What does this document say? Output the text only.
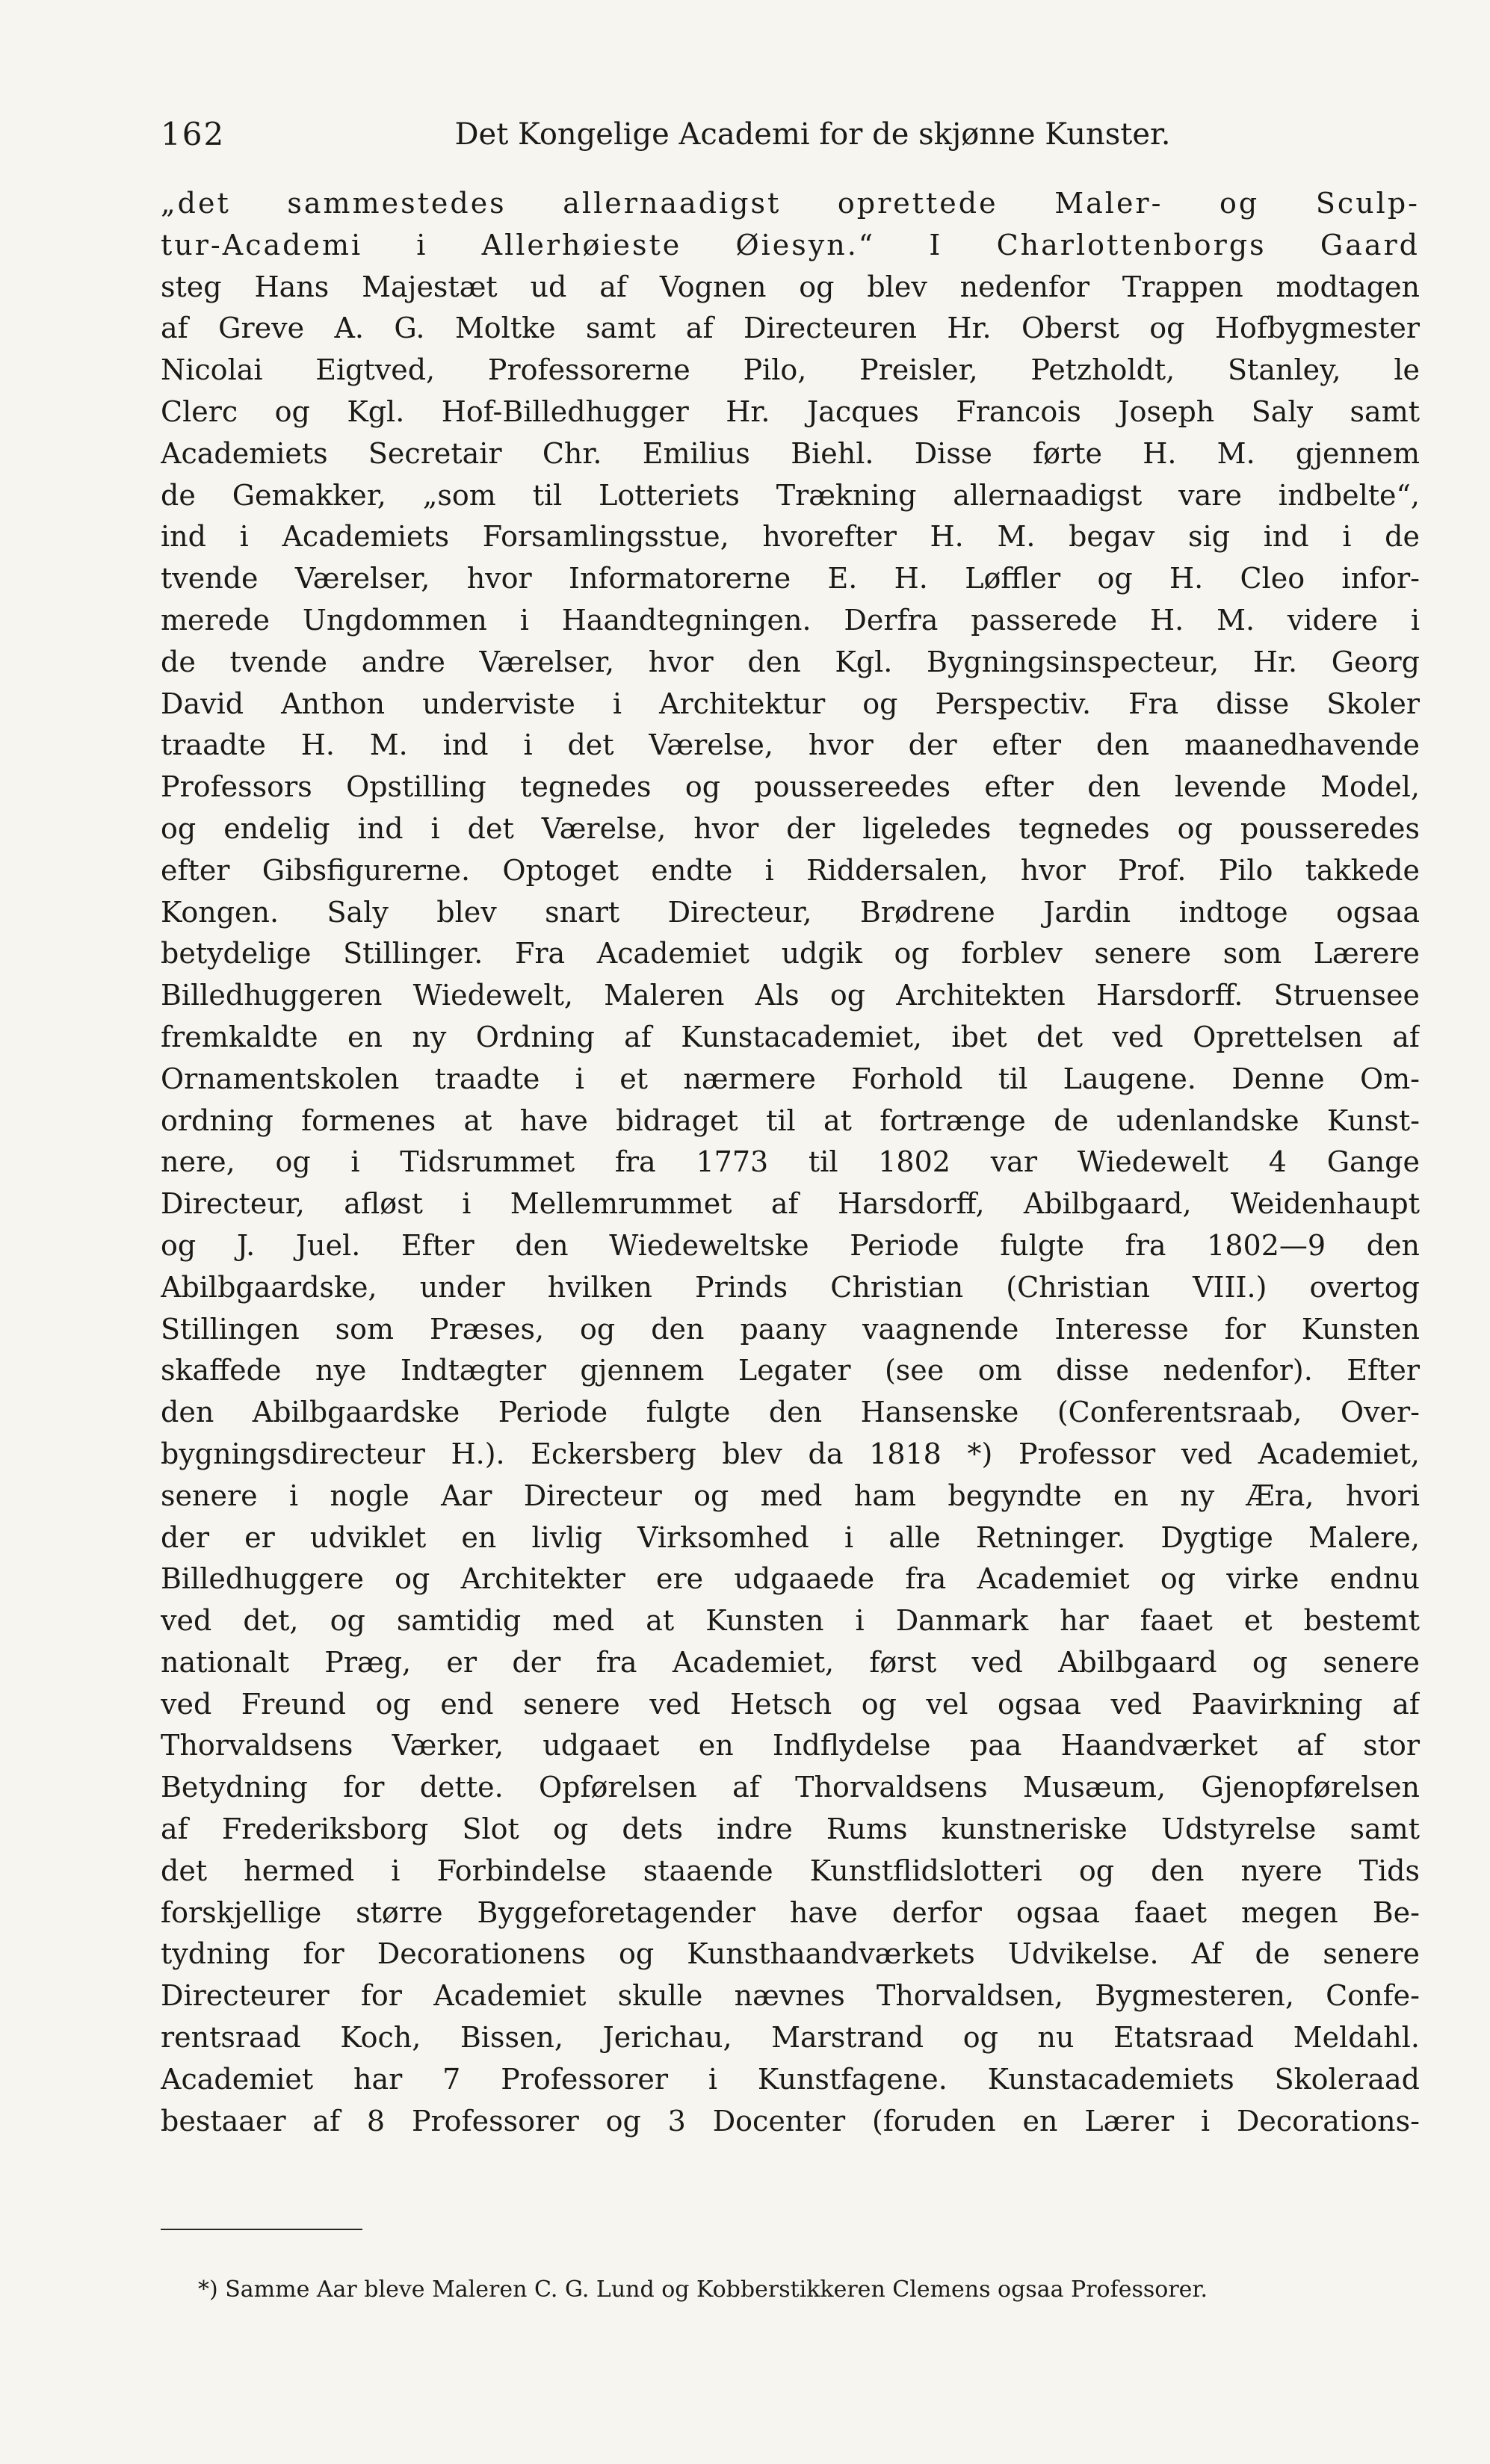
162	Det Kongelige Academi for de skjønne Kunster.
„det sammestedes allernaadigst oprettede Maler- og Sculp-
tur-Academi i Allerhøieste Øiesyn.“ I Charlottenborgs Gaard
steg Hans Majestæt ud af Vognen og blev nedenfor Trappen modtagen
af Greve A. G. Moltke samt af Directeuren Hr. Oberst og Hofbygmester
Nicolai Eigtved, Professorerne Pilo, Preisler, Petzholdt, Stanley, le
Clerc og Kgl. Hof-Billedhugger Hr. Jacques Francois Joseph Saly samt
Academiets Secretair Chr. Emilius Biehl. Disse førte H. M. gjennem
de Gemakker, „som til Lotteriets Trækning allernaadigst vare indbelte“,
ind i Academiets Forsamlingsstue, hvorefter H. M. begav sig ind i de
tvende Værelser, hvor Informatorerne E. H. Løffler og H. Cleo infor-
merede Ungdommen i Haandtegningen. Derfra passerede H. M. videre i
de tvende andre Værelser, hvor den Kgl. Bygningsinspecteur, Hr. Georg
David Anthon underviste i Architektur og Perspectiv. Fra disse Skoler
traadte H. M. ind i det Værelse, hvor der efter den maanedhavende
Professors Opstilling tegnedes og poussereedes efter den levende Model,
og endelig ind i det Værelse, hvor der ligeledes tegnedes og pousseredes
efter Gibsfigurerne. Optoget endte i Riddersalen, hvor Prof. Pilo takkede
Kongen. Saly blev snart Directeur, Brødrene Jardin indtoge ogsaa
betydelige Stillinger. Fra Academiet udgik og forblev senere som Lærere
Billedhuggeren Wiedewelt, Maleren Als og Architekten Harsdorff. Struensee
fremkaldte en ny Ordning af Kunstacademiet, ibet det ved Oprettelsen af
Ornamentskolen traadte i et nærmere Forhold til Laugene. Denne Om-
ordning formenes at have bidraget til at fortrænge de udenlandske Kunst-
nere, og i Tidsrummet fra 1773 til 1802 var Wiedewelt 4 Gange
Directeur, afløst i Mellemrummet af Harsdorff, Abilbgaard, Weidenhaupt
og J. Juel. Efter den Wiedeweltske Periode fulgte fra 1802—9 den
Abilbgaardske, under hvilken Prinds Christian (Christian VIII.) overtog
Stillingen som Præses, og den paany vaagnende Interesse for Kunsten
skaffede nye Indtægter gjennem Legater (see om disse nedenfor). Efter
den Abilbgaardske Periode fulgte den Hansenske (Conferentsraab, Over-
bygningsdirecteur H.). Eckersberg blev da 1818 *) Professor ved Academiet,
senere i nogle Aar Directeur og med ham begyndte en ny Æra, hvori
der er udviklet en livlig Virksomhed i alle Retninger. Dygtige Malere,
Billedhuggere og Architekter ere udgaaede fra Academiet og virke endnu
ved det, og samtidig med at Kunsten i Danmark har faaet et bestemt
nationalt Præg, er der fra Academiet, først ved Abilbgaard og senere
ved Freund og end senere ved Hetsch og vel ogsaa ved Paavirkning af
Thorvaldsens Værker, udgaaet en Indflydelse paa Haandværket af stor
Betydning for dette. Opførelsen af Thorvaldsens Musæum, Gjenopførelsen
af Frederiksborg Slot og dets indre Rums kunstneriske Udstyrelse samt
det hermed i Forbindelse staaende Kunstflidslotteri og den nyere Tids
forskjellige større Byggeforetagender have derfor ogsaa faaet megen Be-
tydning for Decorationens og Kunsthaandværkets Udvikelse. Af de senere
Directeurer for Academiet skulle nævnes Thorvaldsen, Bygmesteren, Confe-
rentsraad Koch, Bissen, Jerichau, Marstrand og nu Etatsraad Meldahl.
Academiet har 7 Professorer i Kunstfagene. Kunstacademiets Skoleraad
bestaaer af 8 Professorer og 3 Docenter (foruden en Lærer i Decorations-
*) Samme Aar bleve Maleren C. G. Lund og Kobberstikkeren Clemens ogsaa Professorer.
